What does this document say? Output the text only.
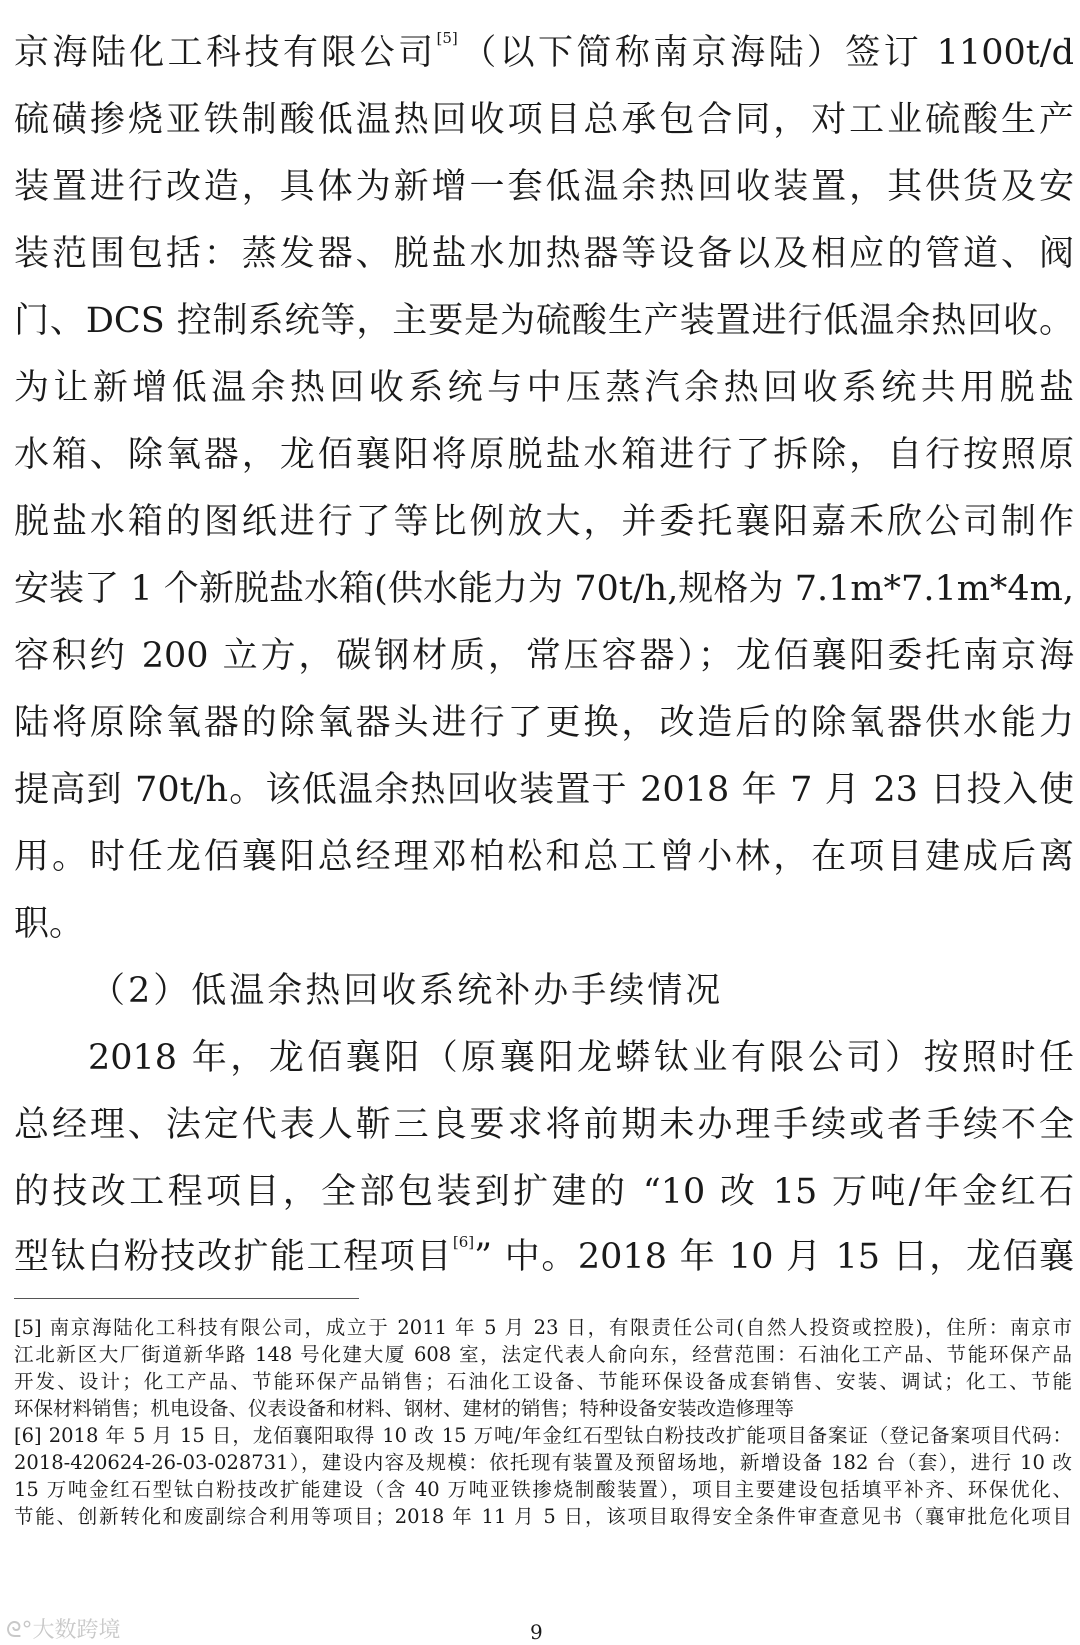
京海陆化工科技有限公司[5]（以下简称南京海陆）签订 1100t/d
硫磺掺烧亚铁制酸低温热回收项目总承包合同，对工业硫酸生产
装置进行改造，具体为新增一套低温余热回收装置，其供货及安
装范围包括：蒸发器、脱盐水加热器等设备以及相应的管道、阀
门、DCS 控制系统等，主要是为硫酸生产装置进行低温余热回收。
为让新增低温余热回收系统与中压蒸汽余热回收系统共用脱盐
水箱、除氧器，龙佰襄阳将原脱盐水箱进行了拆除，自行按照原
脱盐水箱的图纸进行了等比例放大，并委托襄阳嘉禾欣公司制作
安装了 1 个新脱盐水箱(供水能力为 70t/h,规格为 7.1m*7.1m*4m,
容积约 200 立方，碳钢材质，常压容器）；龙佰襄阳委托南京海
陆将原除氧器的除氧器头进行了更换，改造后的除氧器供水能力
提高到 70t/h。该低温余热回收装置于 2018 年 7 月 23 日投入使
用。时任龙佰襄阳总经理邓柏松和总工曾小林，在项目建成后离
职。
（2）低温余热回收系统补办手续情况
2018 年，龙佰襄阳（原襄阳龙蟒钛业有限公司）按照时任
总经理、法定代表人靳三良要求将前期未办理手续或者手续不全
的技改工程项目，全部包装到扩建的 “10 改 15 万吨/年金红石
型钛白粉技改扩能工程项目[6]” 中。2018 年 10 月 15 日，龙佰襄
[5] 南京海陆化工科技有限公司，成立于 2011 年 5 月 23 日，有限责任公司(自然人投资或控股)，住所：南京市
江北新区大厂街道新华路 148 号化建大厦 608 室，法定代表人俞向东，经营范围：石油化工产品、节能环保产品
开发、设计；化工产品、节能环保产品销售；石油化工设备、节能环保设备成套销售、安装、调试；化工、节能
环保材料销售；机电设备、仪表设备和材料、钢材、建材的销售；特种设备安装改造修理等
[6] 2018 年 5 月 15 日，龙佰襄阳取得 10 改 15 万吨/年金红石型钛白粉技改扩能项目备案证（登记备案项目代码：
2018-420624-26-03-028731），建设内容及规模：依托现有装置及预留场地，新增设备 182 台（套），进行 10 改
15 万吨金红石型钛白粉技改扩能建设（含 40 万吨亚铁掺烧制酸装置），项目主要建设包括填平补齐、环保优化、
节能、创新转化和废副综合利用等项目；2018 年 11 月 5 日，该项目取得安全条件审查意见书（襄审批危化项目
ᘓ°大数跨境	9
